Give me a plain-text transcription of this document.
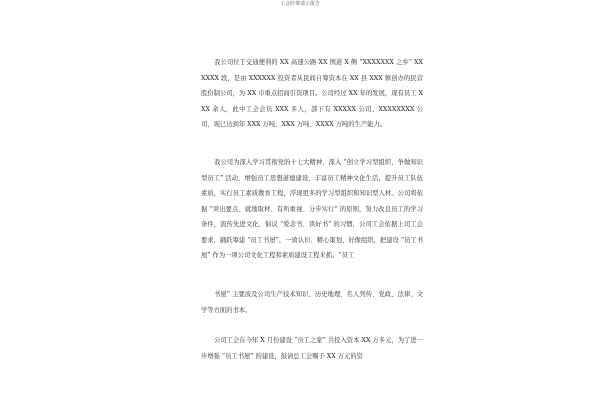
工会经费请示报告
我公司位于交通便利的 XX 高速公路 XX 国道 X 侧 “XXXXXXX 之乡” XXXXXX 段，是由 XXXXXX 投资者从民间自筹资本在 XX 县 XXX 镇创办的民营股份制公司，为 XX 市重点招商引资项目。公司经过 XX 年的发展，现有员工 XXX 余人，此中工会会员 XXX 多人，部下有 XXXXX 公司、XXXXXXXX 公司，现已达到年 XXX 万吨、XXX 万吨、XXXX 万吨的生产能力。
我公司为深入学习贯彻党的十七大精神，深入 “创立学习型组织，争做知识型员工” 活动，增强员工思想道德建设，丰富员工精神文化生活，提升员工队伍素质，实行员工素质教育工程，浮现更多的学习型组织和知识型人材。公司将依据 “突出要点、就地取材、有所重视、分步实行” 的原则，努力改良员工的学习条件，流传先进文化，倡议 “爱念书、读好书” 的习惯，公司工会依据上司工会要求，踊跃筹建 “员工书屋”，一致认识、精心策划、好像组织，把建设 “员工书屋” 作为一项公司文化工程和素质建设工程来抓。“员工
书屋” 主要波及公司生产技术知识、历史地理、名人列传、党政、法律、文学等方面的书本。
公司工会在今年 X 月份建设 “员工之家” 共投入资本 XX 万多元，为了进一步增强 “员工书屋” 的建设，鼓请总工会赐予 XX 万元的资
